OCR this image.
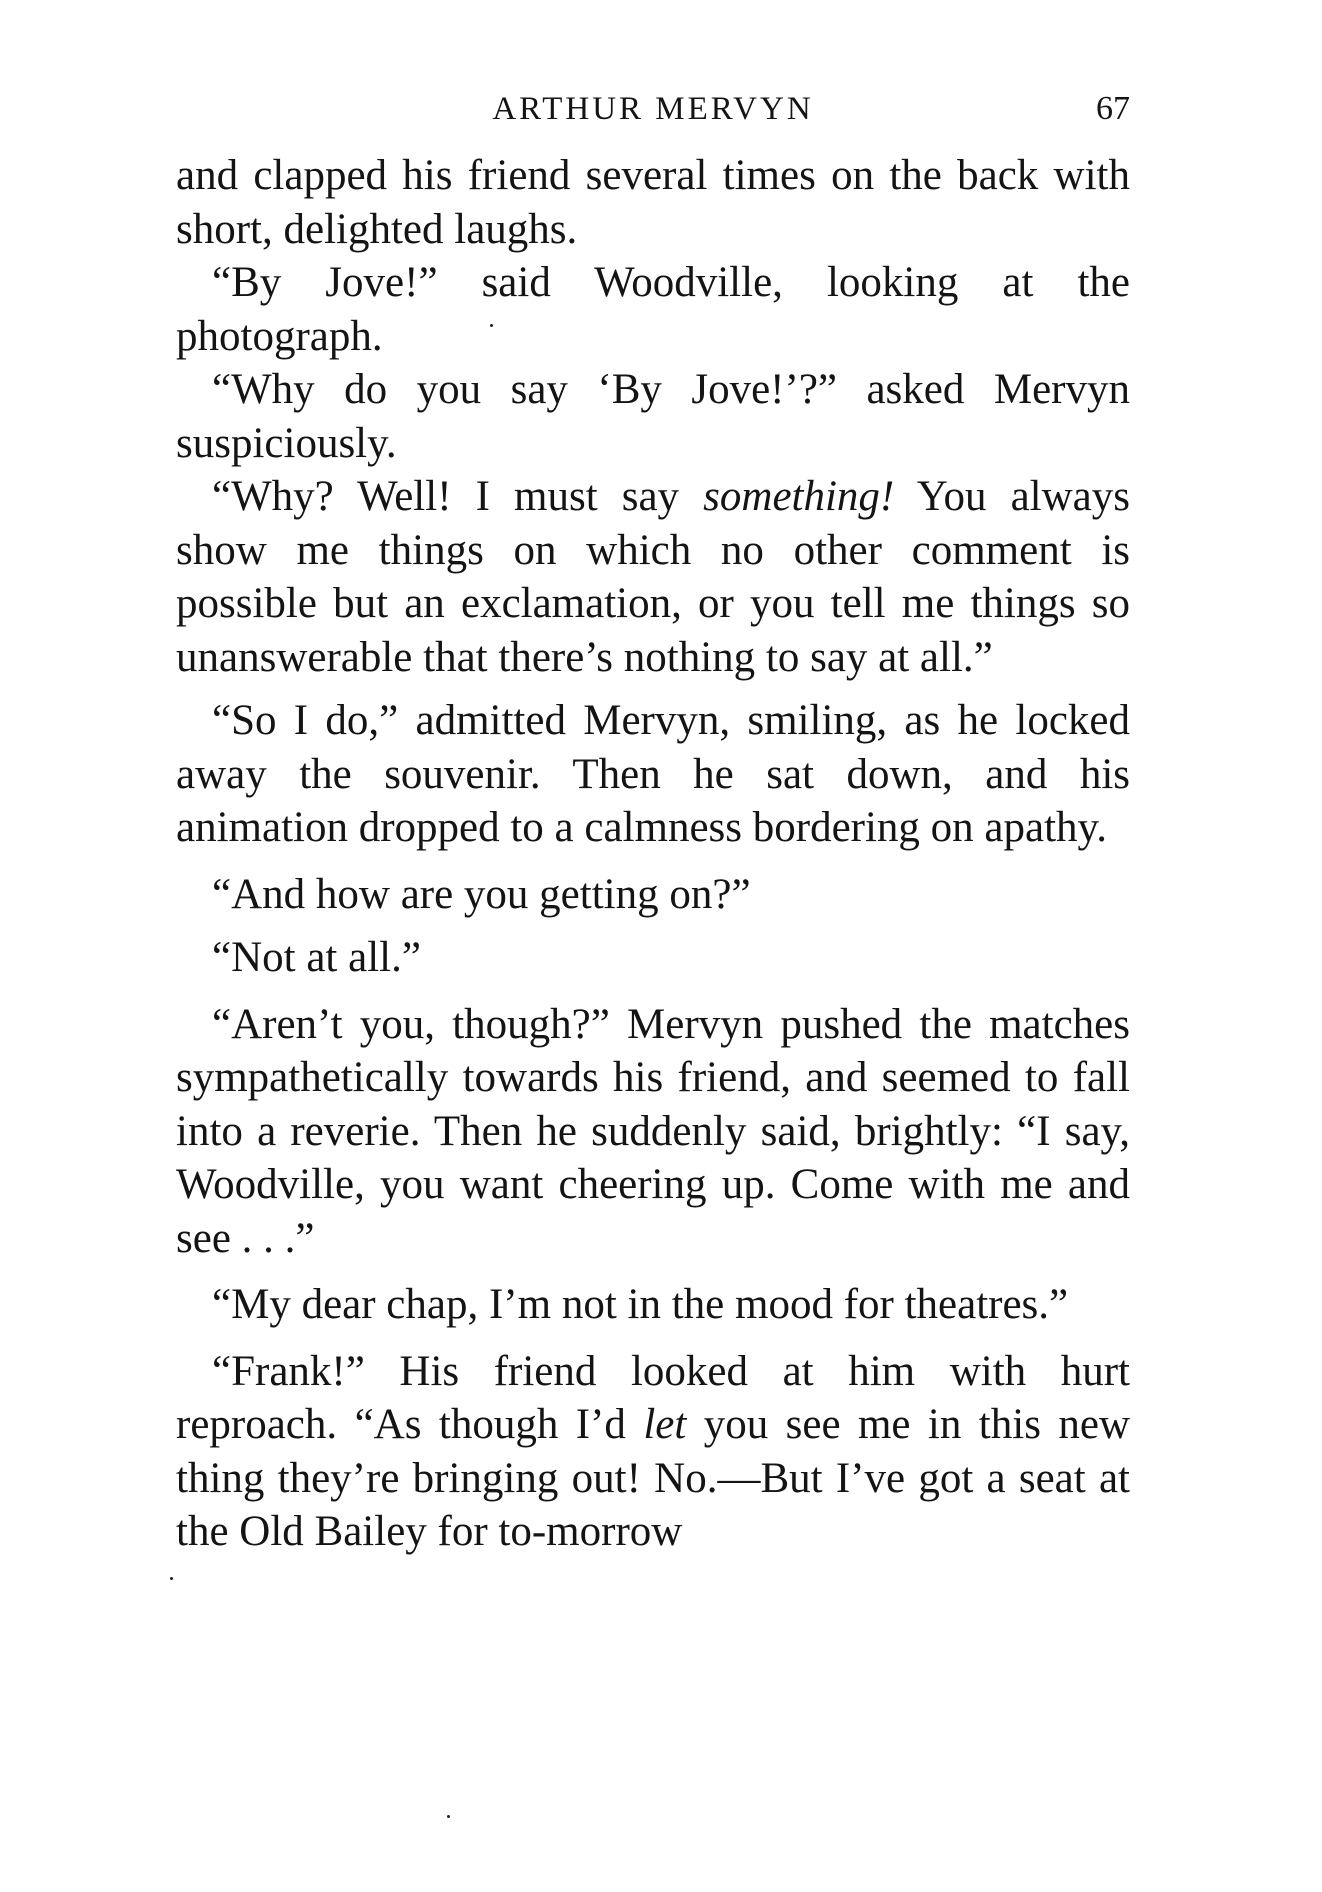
ARTHUR MERVYN	67

and clapped his friend several times on the back with short, delighted laughs.

“By Jove!” said Woodville, looking at the photograph.

“Why do you say ‘By Jove!’?” asked Mervyn suspiciously.

“Why? Well! I must say something! You always show me things on which no other comment is possible but an exclamation, or you tell me things so unanswerable that there’s nothing to say at all.”

“So I do,” admitted Mervyn, smiling, as he locked away the souvenir. Then he sat down, and his animation dropped to a calmness bordering on apathy.

“And how are you getting on?”

“Not at all.”

“Aren’t you, though?” Mervyn pushed the matches sympathetically towards his friend, and seemed to fall into a reverie. Then he suddenly said, brightly: “I say, Woodville, you want cheering up. Come with me and see . . .”

“My dear chap, I’m not in the mood for theatres.”

“Frank!” His friend looked at him with hurt reproach. “As though I’d let you see me in this new thing they’re bringing out! No.—But I’ve got a seat at the Old Bailey for to-morrow
